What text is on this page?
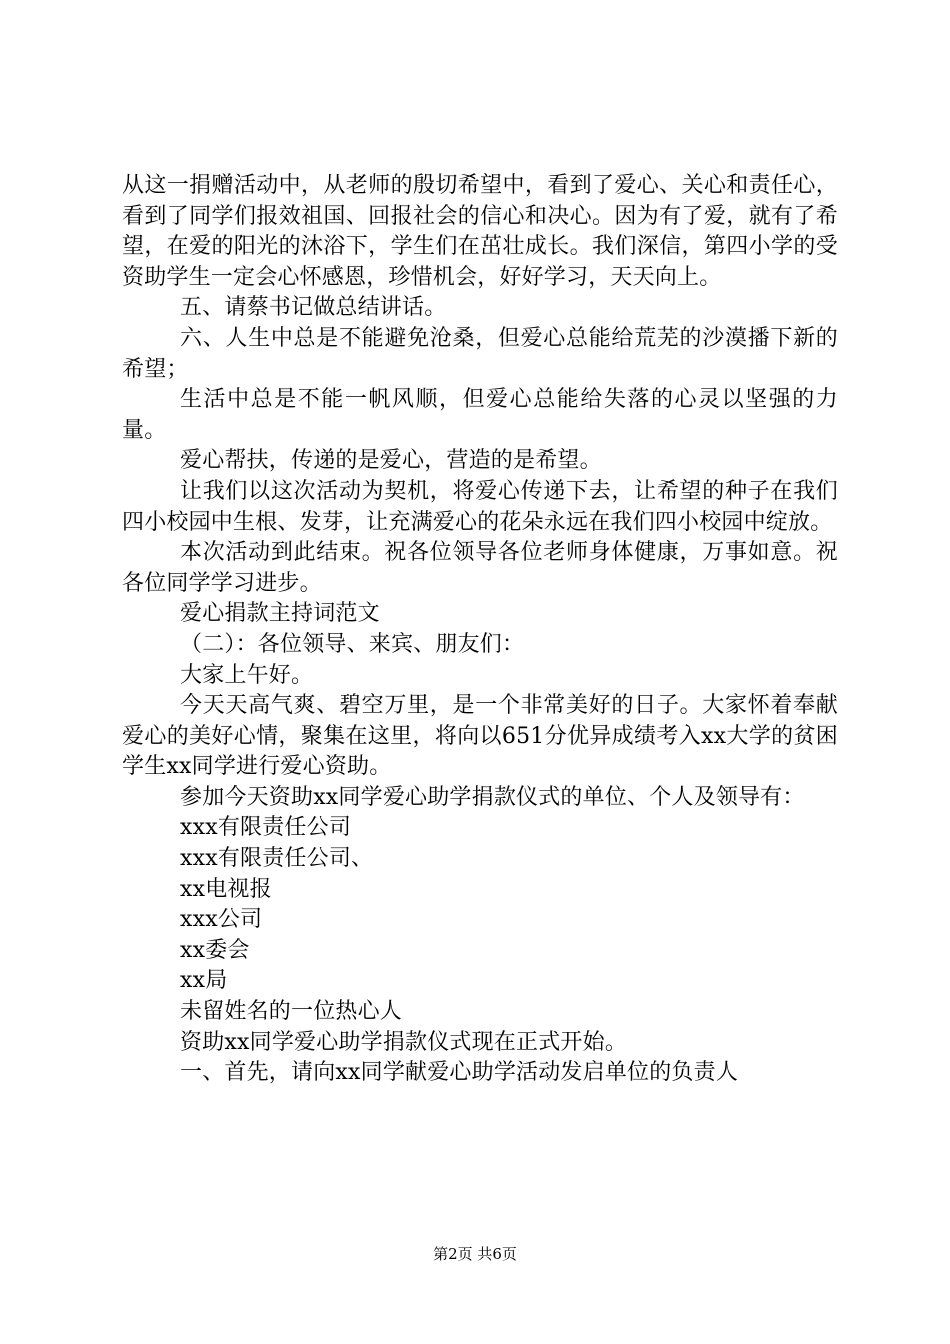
从这一捐赠活动中，从老师的殷切希望中，看到了爱心、关心和责任心，看到了同学们报效祖国、回报社会的信心和决心。因为有了爱，就有了希望，在爱的阳光的沐浴下，学生们在茁壮成长。我们深信，第四小学的受资助学生一定会心怀感恩，珍惜机会，好好学习，天天向上。

五、请蔡书记做总结讲话。

六、人生中总是不能避免沧桑，但爱心总能给荒芜的沙漠播下新的希望；

生活中总是不能一帆风顺，但爱心总能给失落的心灵以坚强的力量。

爱心帮扶，传递的是爱心，营造的是希望。

让我们以这次活动为契机，将爱心传递下去，让希望的种子在我们四小校园中生根、发芽，让充满爱心的花朵永远在我们四小校园中绽放。

本次活动到此结束。祝各位领导各位老师身体健康，万事如意。祝各位同学学习进步。

爱心捐款主持词范文

（二）：各位领导、来宾、朋友们：

大家上午好。

今天天高气爽、碧空万里，是一个非常美好的日子。大家怀着奉献爱心的美好心情，聚集在这里，将向以651分优异成绩考入xx大学的贫困学生xx同学进行爱心资助。

参加今天资助xx同学爱心助学捐款仪式的单位、个人及领导有：

xxx有限责任公司

xxx有限责任公司、

xx电视报

xxx公司

xx委会

xx局

未留姓名的一位热心人

资助xx同学爱心助学捐款仪式现在正式开始。

一、首先，请向xx同学献爱心助学活动发启单位的负责人

第2页 共6页
